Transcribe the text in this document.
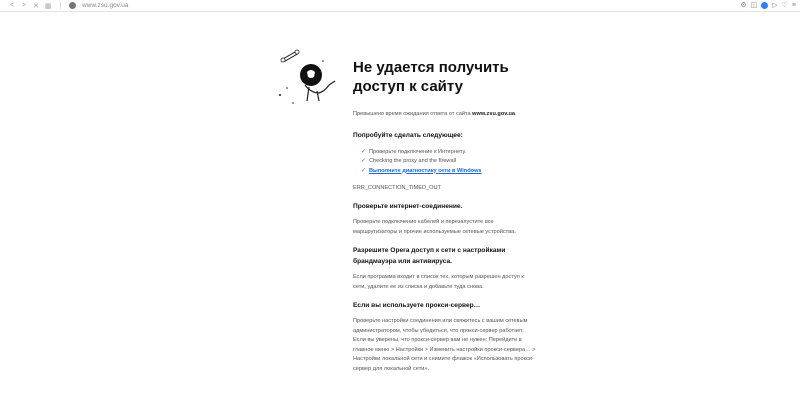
<	>	✕ ▦	www.zsu.gov.ua	⚙ ◫ ▷ ♡ ≡
Не удается получить доступ к сайту

Превышено время ожидания ответа от сайта www.zsu.gov.ua.

Попробуйте сделать следующее:
✓ Проверьте подключение к Интернету.
✓ Checking the proxy and the firewall
✓ Выполните диагностику сети в Windows

ERR_CONNECTION_TIMED_OUT

Проверьте интернет-соединение.

Проверьте подключение кабелей и перезапустите все маршрутизаторы и прочие используемые сетевые устройства.

Разрешите Opera доступ к сети с настройками брандмауэра или антивируса.

Если программа входит в список тех, которым разрешен доступ к сети, удалите ее из списка и добавьте туда снова.

Если вы используете прокси-сервер…

Проверьте настройки соединения или свяжитесь с вашим сетевым администратором, чтобы убедиться, что прокси-сервер работает. Если вы уверены, что прокси-сервер вам не нужен: Перейдите в главное меню > Настройки > Изменить настройки прокси-сервера… > Настройки локальной сети и снимите флажок «Использовать прокси-сервер для локальной сети».
